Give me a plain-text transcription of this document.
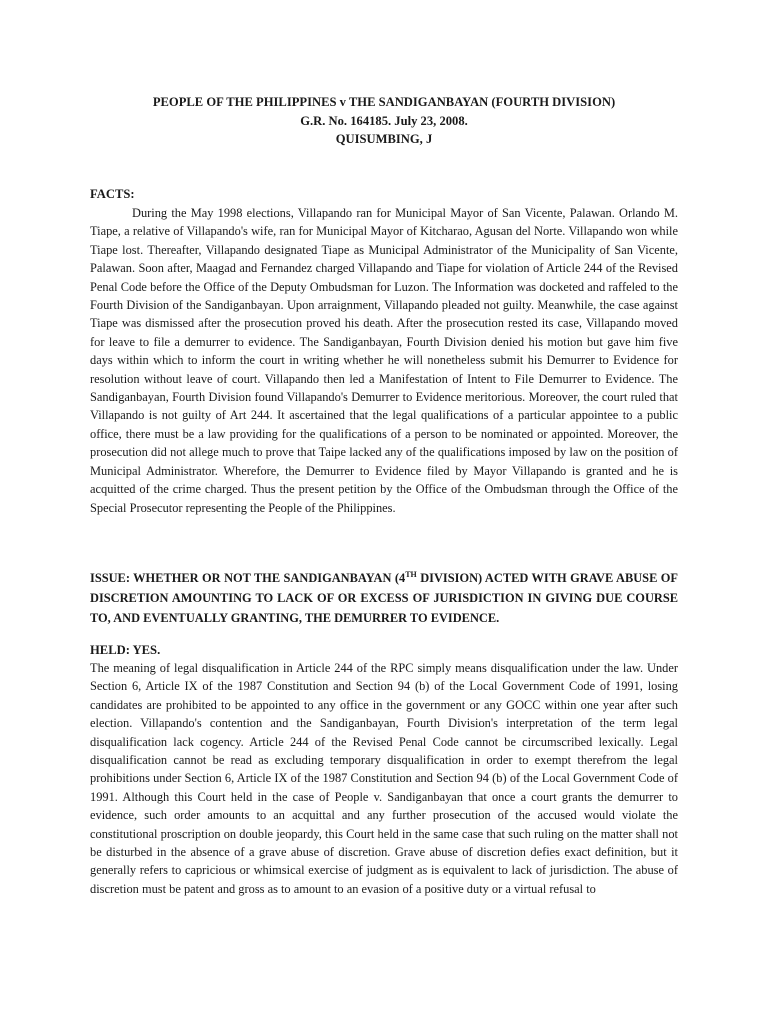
PEOPLE OF THE PHILIPPINES v THE SANDIGANBAYAN (FOURTH DIVISION)
G.R. No. 164185. July 23, 2008.
QUISUMBING, J
FACTS:
During the May 1998 elections, Villapando ran for Municipal Mayor of San Vicente, Palawan. Orlando M. Tiape, a relative of Villapando's wife, ran for Municipal Mayor of Kitcharao, Agusan del Norte. Villapando won while Tiape lost. Thereafter, Villapando designated Tiape as Municipal Administrator of the Municipality of San Vicente, Palawan. Soon after, Maagad and Fernandez charged Villapando and Tiape for violation of Article 244 of the Revised Penal Code before the Office of the Deputy Ombudsman for Luzon. The Information was docketed and raffeled to the Fourth Division of the Sandiganbayan. Upon arraignment, Villapando pleaded not guilty. Meanwhile, the case against Tiape was dismissed after the prosecution proved his death. After the prosecution rested its case, Villapando moved for leave to file a demurrer to evidence. The Sandiganbayan, Fourth Division denied his motion but gave him five days within which to inform the court in writing whether he will nonetheless submit his Demurrer to Evidence for resolution without leave of court. Villapando then led a Manifestation of Intent to File Demurrer to Evidence. The Sandiganbayan, Fourth Division found Villapando's Demurrer to Evidence meritorious. Moreover, the court ruled that Villapando is not guilty of Art 244. It ascertained that the legal qualifications of a particular appointee to a public office, there must be a law providing for the qualifications of a person to be nominated or appointed. Moreover, the prosecution did not allege much to prove that Taipe lacked any of the qualifications imposed by law on the position of Municipal Administrator. Wherefore, the Demurrer to Evidence filed by Mayor Villapando is granted and he is acquitted of the crime charged. Thus the present petition by the Office of the Ombudsman through the Office of the Special Prosecutor representing the People of the Philippines.
ISSUE: WHETHER OR NOT THE SANDIGANBAYAN (4TH DIVISION) ACTED WITH GRAVE ABUSE OF DISCRETION AMOUNTING TO LACK OF OR EXCESS OF JURISDICTION IN GIVING DUE COURSE TO, AND EVENTUALLY GRANTING, THE DEMURRER TO EVIDENCE.
HELD: YES.
The meaning of legal disqualification in Article 244 of the RPC simply means disqualification under the law. Under Section 6, Article IX of the 1987 Constitution and Section 94 (b) of the Local Government Code of 1991, losing candidates are prohibited to be appointed to any office in the government or any GOCC within one year after such election. Villapando's contention and the Sandiganbayan, Fourth Division's interpretation of the term legal disqualification lack cogency. Article 244 of the Revised Penal Code cannot be circumscribed lexically. Legal disqualification cannot be read as excluding temporary disqualification in order to exempt therefrom the legal prohibitions under Section 6, Article IX of the 1987 Constitution and Section 94 (b) of the Local Government Code of 1991. Although this Court held in the case of People v. Sandiganbayan that once a court grants the demurrer to evidence, such order amounts to an acquittal and any further prosecution of the accused would violate the constitutional proscription on double jeopardy, this Court held in the same case that such ruling on the matter shall not be disturbed in the absence of a grave abuse of discretion. Grave abuse of discretion defies exact definition, but it generally refers to capricious or whimsical exercise of judgment as is equivalent to lack of jurisdiction. The abuse of discretion must be patent and gross as to amount to an evasion of a positive duty or a virtual refusal to
